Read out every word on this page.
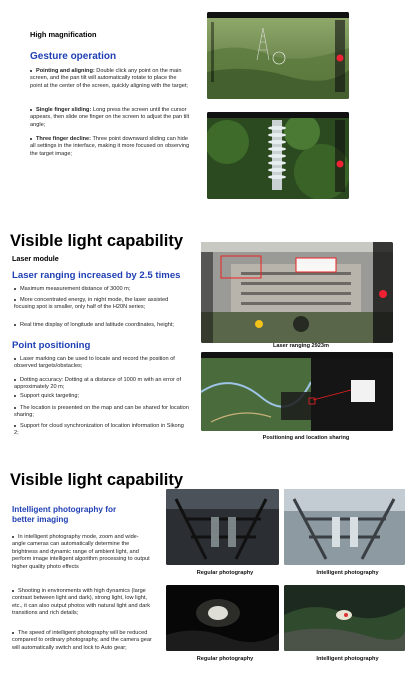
High magnification
Gesture operation
Pointing and aligning: Double click any point on the main screen, and the pan tilt will automatically rotate to place the point at the center of the screen, quickly aligning with the target;
Single finger sliding: Long press the screen until the cursor appears, then slide one finger on the screen to adjust the pan tilt angle;
Three finger decline: Three point downward sliding can hide all settings in the interface, making it more focused on observing the target image;
Visible light capability
Laser module
Laser ranging increased by 2.5 times
Maximum measurement distance of 3000 m;
More concentrated energy, in night mode, the laser assisted focusing spot is smaller, only half of the H20N series;
Real time display of longitude and latitude coordinates, height;
Point positioning
Laser marking can be used to locate and record the position of observed targets/obstacles;
Dotting accuracy: Dotting at a distance of 1000 m with an error of approximately 20 m;
Support quick targeting;
The location is presented on the map and can be shared for location sharing;
Support for cloud synchronization of location information in Sikong 2;
Laser ranging 2923m
Positioning and location sharing
Visible light capability
Intelligent photography for better imaging
In intelligent photography mode, zoom and wide-angle cameras can automatically determine the brightness and dynamic range of ambient light, and perform image intelligent algorithm processing to output higher quality photo effects
Shooting in environments with high dynamics (large contrast between light and dark), strong light, low light, etc., it can also output photos with natural light and dark transitions and rich details;
The speed of intelligent photography will be reduced compared to ordinary photography, and the camera gear will automatically switch and lock to Auto gear;
Regular photography	Intelligent photography
Regular photography	Intelligent photography
